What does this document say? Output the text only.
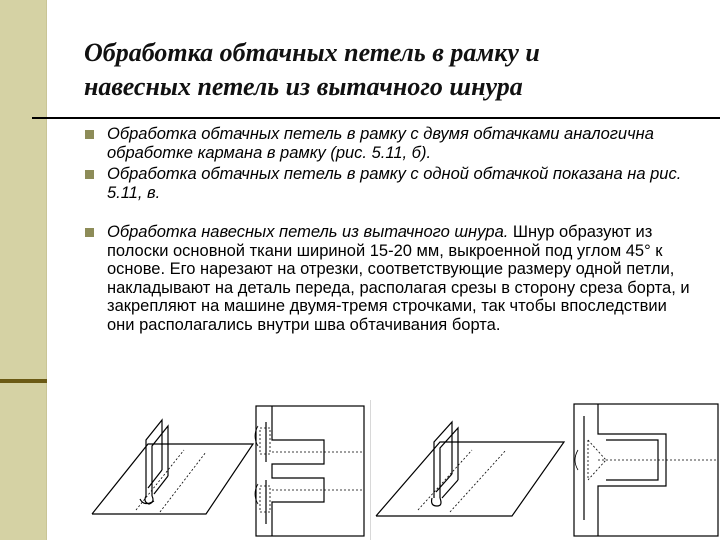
Обработка обтачных петель в рамку и
навесных петель из вытачного шнура
Обработка обтачных петель в рамку с двумя обтачками аналогична обработке кармана в рамку (рис. 5.11, б).
Обработка обтачных петель в рамку с одной обтачкой показана на рис. 5.11, в.
Обработка навесных петель из вытачного шнура. Шнур образуют из полоски основной ткани шириной 15-20 мм, выкроенной под углом 45° к основе. Его нарезают на отрезки, соответствующие размеру одной петли, накладывают на деталь переда, располагая срезы в сторону среза борта, и закрепляют на машине двумя-тремя строчками, так чтобы впоследствии они располагались внутри шва обтачивания борта.
